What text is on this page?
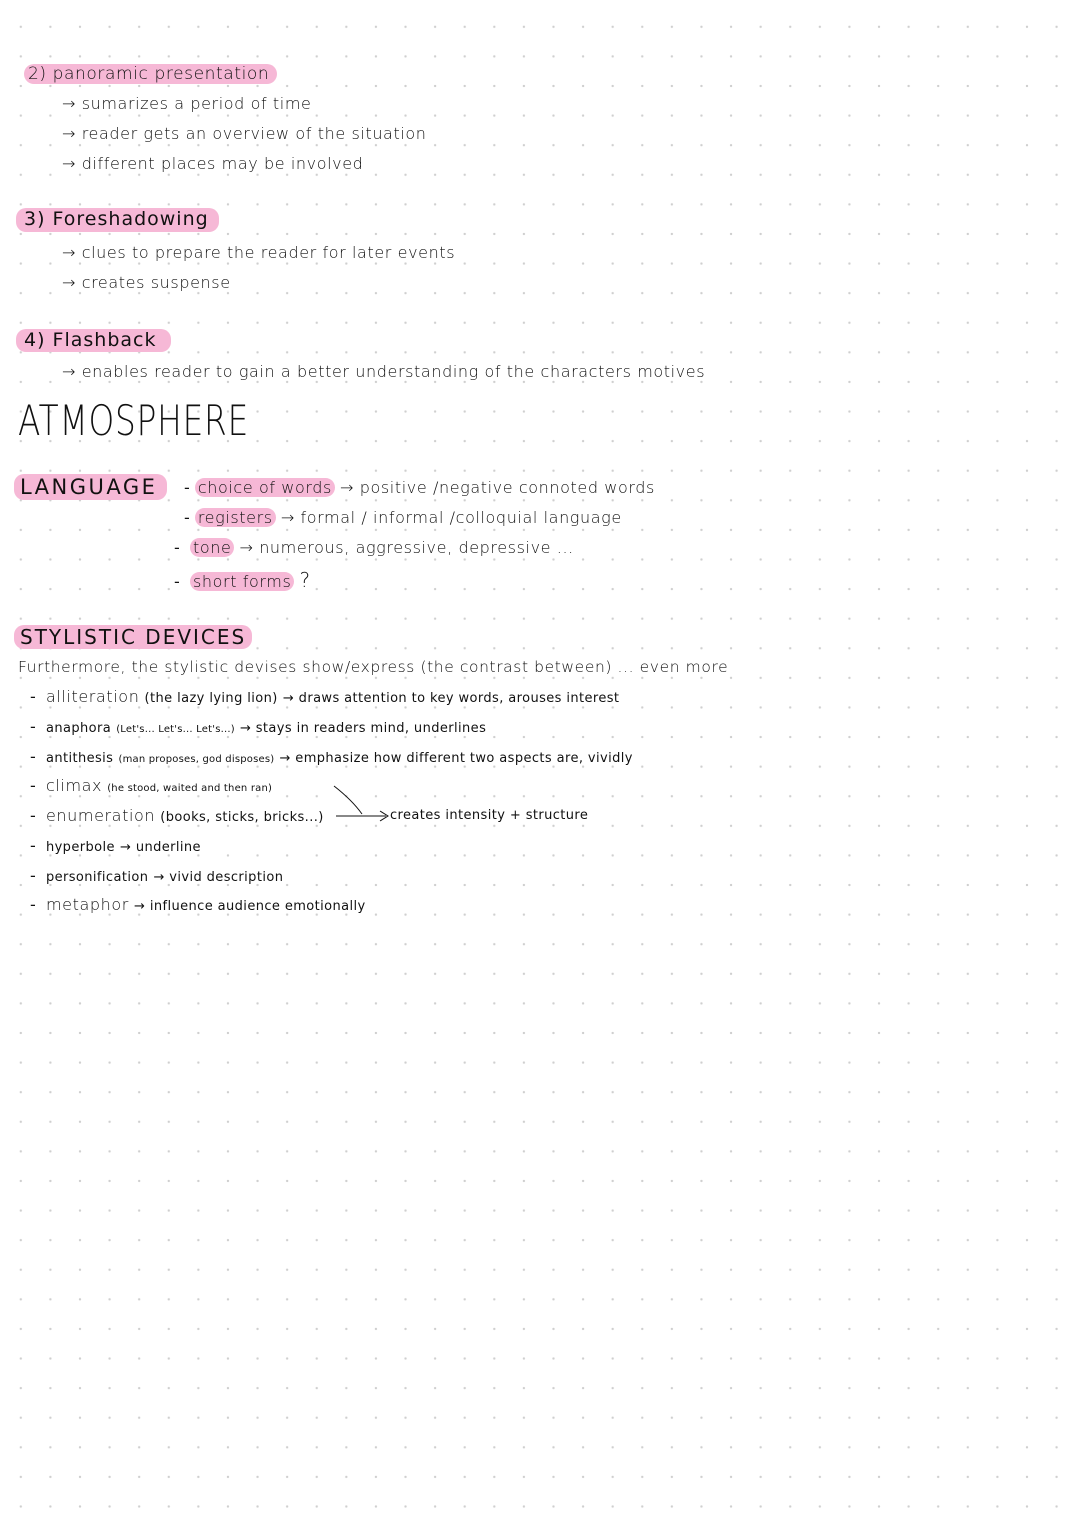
2) panoramic presentation
→ sumarizes a period of time
→ reader gets an overview of the situation
→ different places may be involved
3) Foreshadowing
→ clues to prepare the reader for later events
→ creates suspense
4) Flashback
→ enables reader to gain a better understanding of the characters motives
ATMOSPHERE
LANGUAGE	- choice of words → positive /negative connoted words
- registers → formal / informal /colloquial language
-  tone → numerous, aggressive, depressive ...
-  short forms ?
STYLISTIC DEVICES
Furthermore, the stylistic devises show/express (the contrast between) ... even more
-  alliteration (the lazy lying lion) → draws attention to key words, arouses interest
-  anaphora (Let's... Let's... Let's...) → stays in readers mind, underlines
-  antithesis (man proposes, god disposes) → emphasize how different two aspects are, vividly
-  climax (he stood, waited and then ran)
-  enumeration (books, sticks, bricks...)	creates intensity + structure
-  hyperbole → underline
-  personification → vivid description
-  metaphor → influence audience emotionally
